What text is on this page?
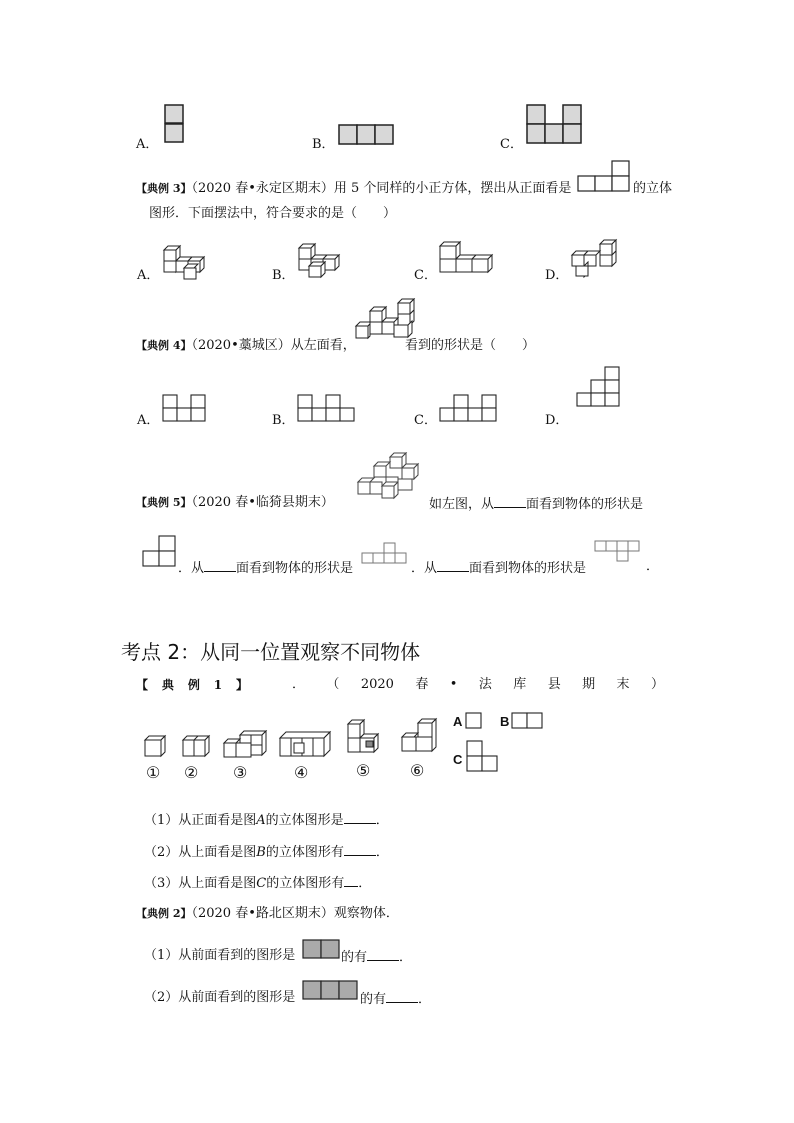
A．	B．	C．
【典例 3】（2020 春•永定区期末）用 5 个同样的小正方体，摆出从正面看是	的立体
图形．下面摆法中，符合要求的是（　　）
A．	B．	C．	D．
【典例 4】（2020•藁城区）从左面看，	看到的形状是（　　）
A．	B．	C．	D．
【典例 5】（2020 春•临猗县期末）	如左图，从 面看到物体的形状是
．从 面看到物体的形状是	．从 面看到物体的形状是	．
考点 2：从同一位置观察不同物体
【 典 例 1 】	． （ 2020 春 • 法 库 县 期 末 ）
① ② ③	④	⑤ ⑥
A	B
C
（1）从正面看是图A的立体图形是 ．
（2）从上面看是图B的立体图形有 ．
（3）从上面看是图C的立体图形有 ．
【典例 2】（2020 春•路北区期末）观察物体．
（1）从前面看到的图形是	的有 ．
（2）从前面看到的图形是	的有 ．
